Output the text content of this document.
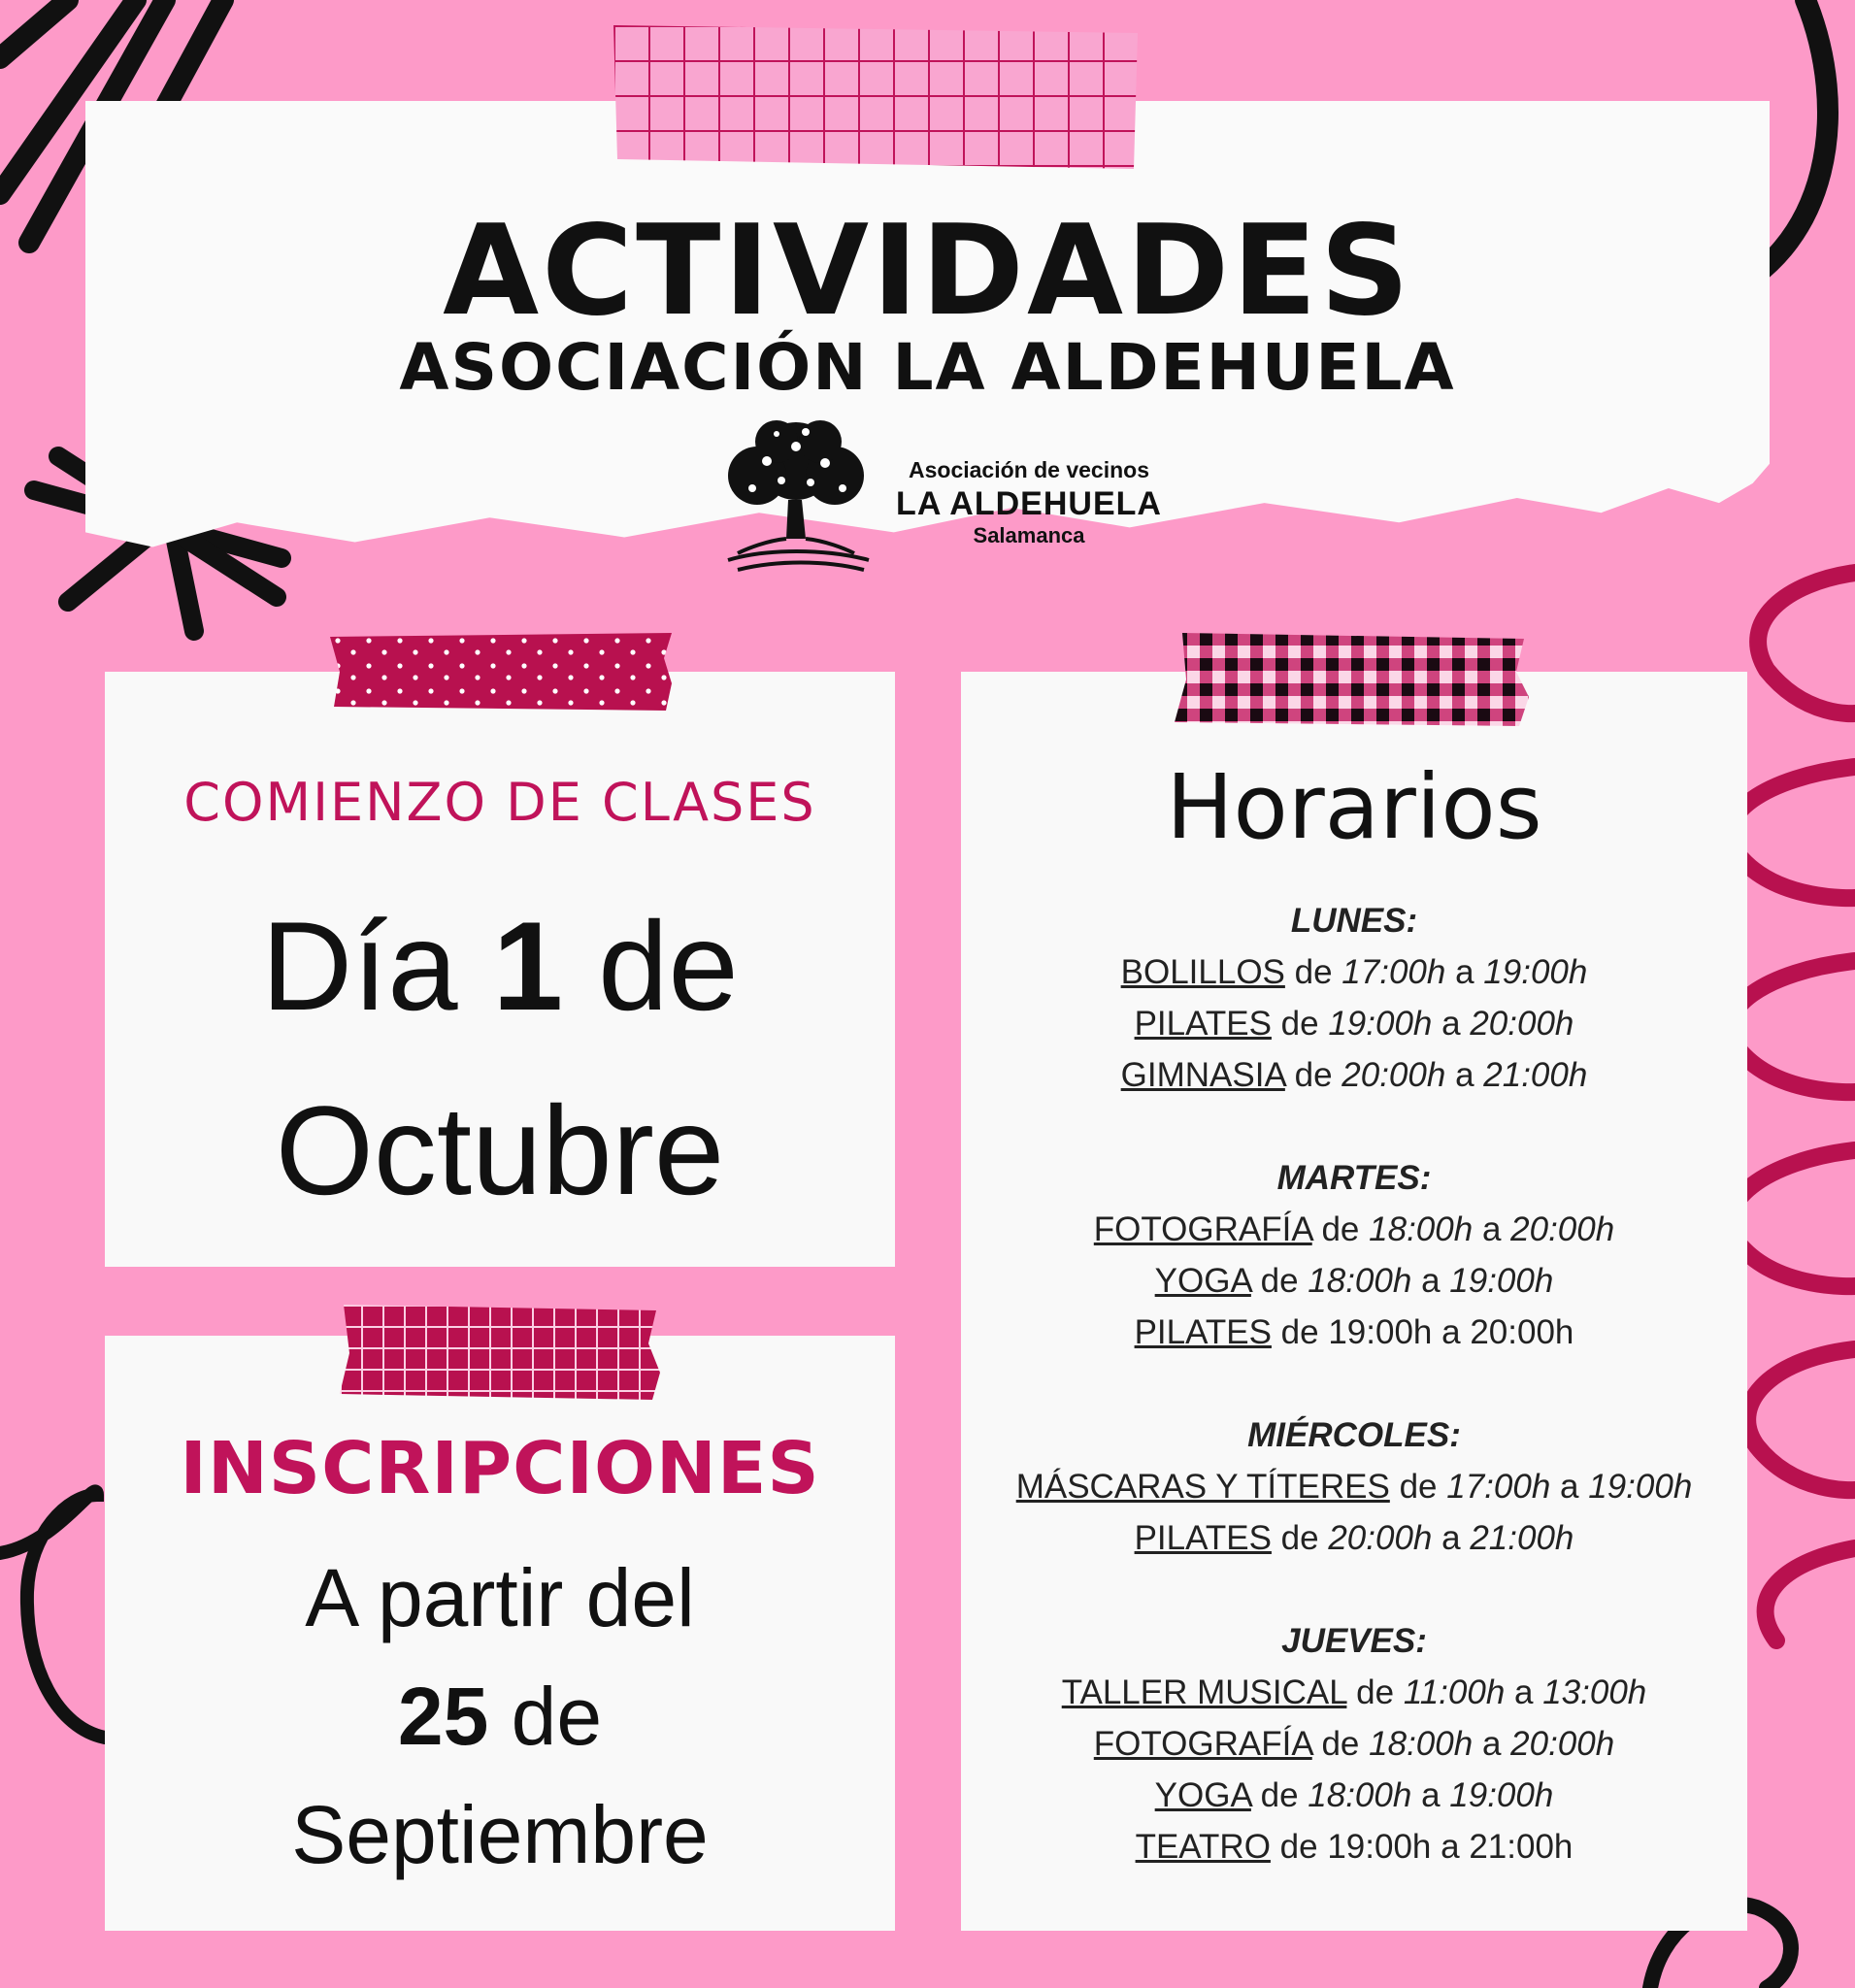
ACTIVIDADES
ASOCIACIÓN LA ALDEHUELA
Asociación de vecinos
LA ALDEHUELA
Salamanca
COMIENZO DE CLASES
Día 1 de
Octubre
INSCRIPCIONES
A partir del
25 de
Septiembre
Horarios
LUNES:
BOLILLOS de 17:00h a 19:00h
PILATES de 19:00h a 20:00h
GIMNASIA de 20:00h a 21:00h
MARTES:
FOTOGRAFÍA de 18:00h a 20:00h
YOGA de 18:00h a 19:00h
PILATES de 19:00h a 20:00h
MIÉRCOLES:
MÁSCARAS Y TÍTERES de 17:00h a 19:00h
PILATES de 20:00h a 21:00h
JUEVES:
TALLER MUSICAL de 11:00h a 13:00h
FOTOGRAFÍA de 18:00h a 20:00h
YOGA de 18:00h a 19:00h
TEATRO de 19:00h a 21:00h
